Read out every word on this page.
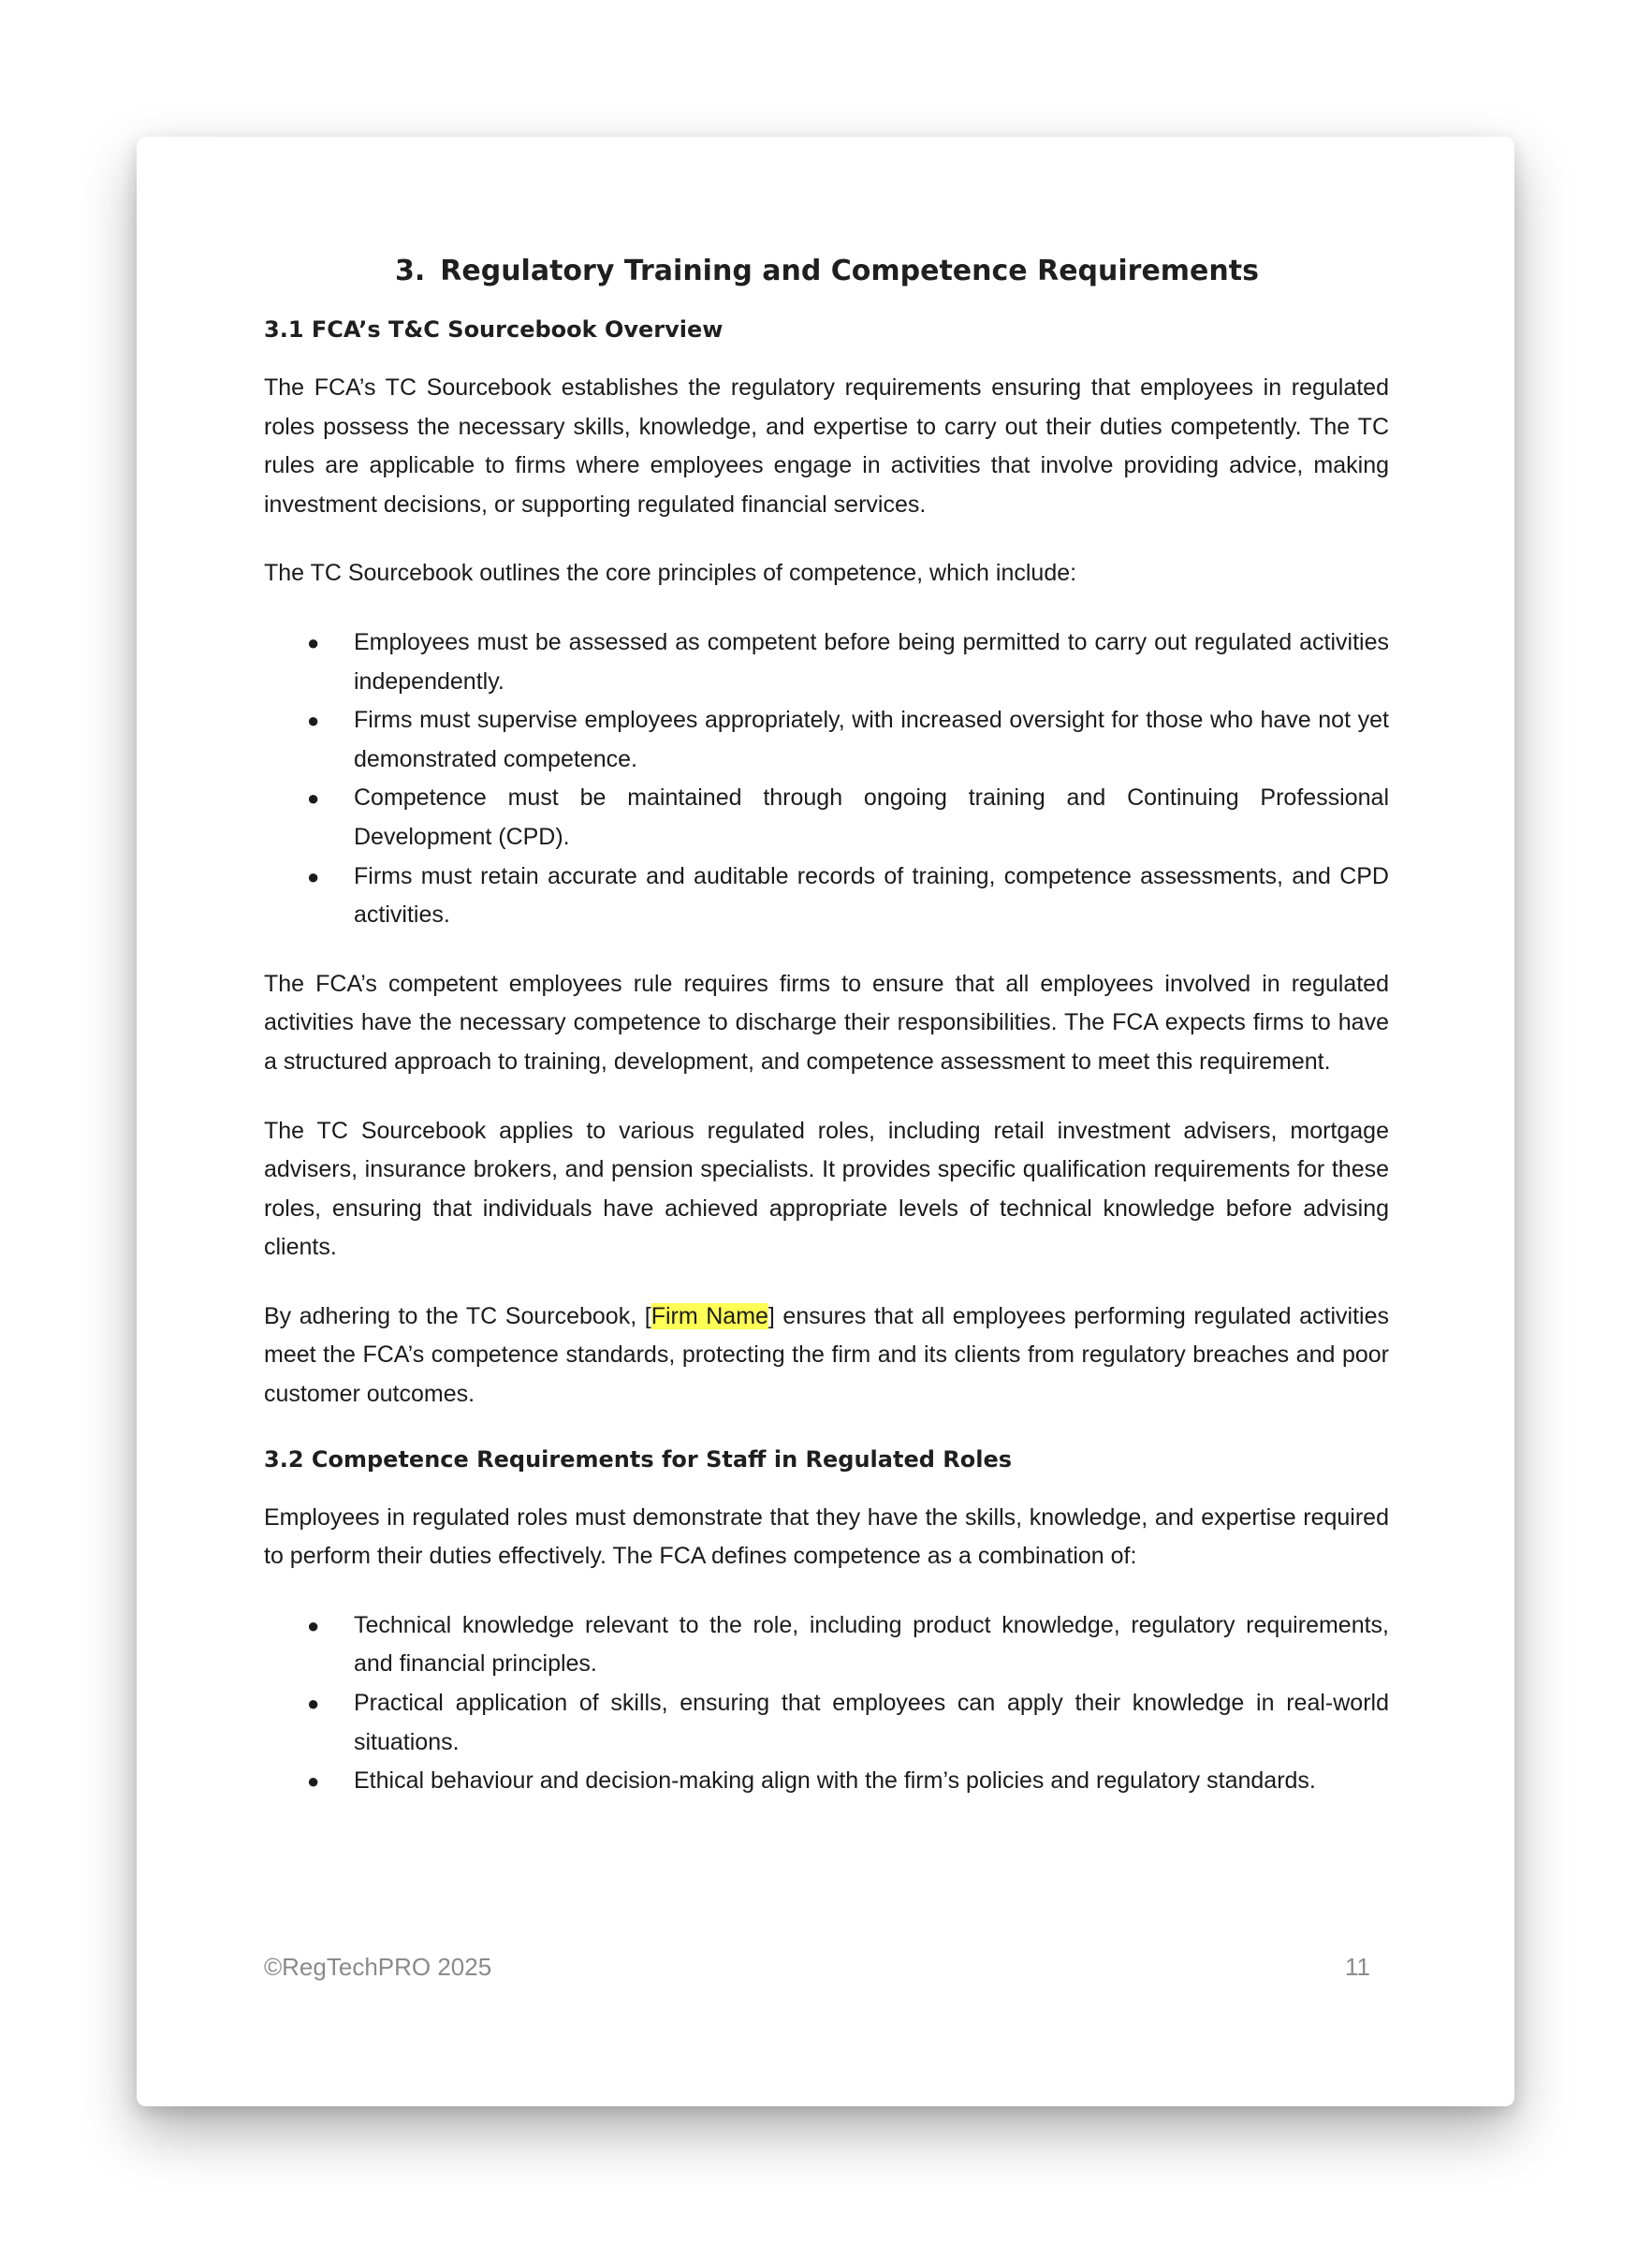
3. Regulatory Training and Competence Requirements
3.1 FCA’s T&C Sourcebook Overview

The FCA’s TC Sourcebook establishes the regulatory requirements ensuring that employees in regulated roles possess the necessary skills, knowledge, and expertise to carry out their duties competently. The TC rules are applicable to firms where employees engage in activities that involve providing advice, making investment decisions, or supporting regulated financial services.

The TC Sourcebook outlines the core principles of competence, which include:

● Employees must be assessed as competent before being permitted to carry out regulated activities independently.
● Firms must supervise employees appropriately, with increased oversight for those who have not yet demonstrated competence.
● Competence must be maintained through ongoing training and Continuing Professional Development (CPD).
● Firms must retain accurate and auditable records of training, competence assessments, and CPD activities.

The FCA’s competent employees rule requires firms to ensure that all employees involved in regulated activities have the necessary competence to discharge their responsibilities. The FCA expects firms to have a structured approach to training, development, and competence assessment to meet this requirement.

The TC Sourcebook applies to various regulated roles, including retail investment advisers, mortgage advisers, insurance brokers, and pension specialists. It provides specific qualification requirements for these roles, ensuring that individuals have achieved appropriate levels of technical knowledge before advising clients.

By adhering to the TC Sourcebook, [Firm Name] ensures that all employees performing regulated activities meet the FCA’s competence standards, protecting the firm and its clients from regulatory breaches and poor customer outcomes.

3.2 Competence Requirements for Staff in Regulated Roles

Employees in regulated roles must demonstrate that they have the skills, knowledge, and expertise required to perform their duties effectively. The FCA defines competence as a combination of:

● Technical knowledge relevant to the role, including product knowledge, regulatory requirements, and financial principles.
● Practical application of skills, ensuring that employees can apply their knowledge in real-world situations.
● Ethical behaviour and decision-making align with the firm’s policies and regulatory standards.
©RegTechPRO 2025	11
